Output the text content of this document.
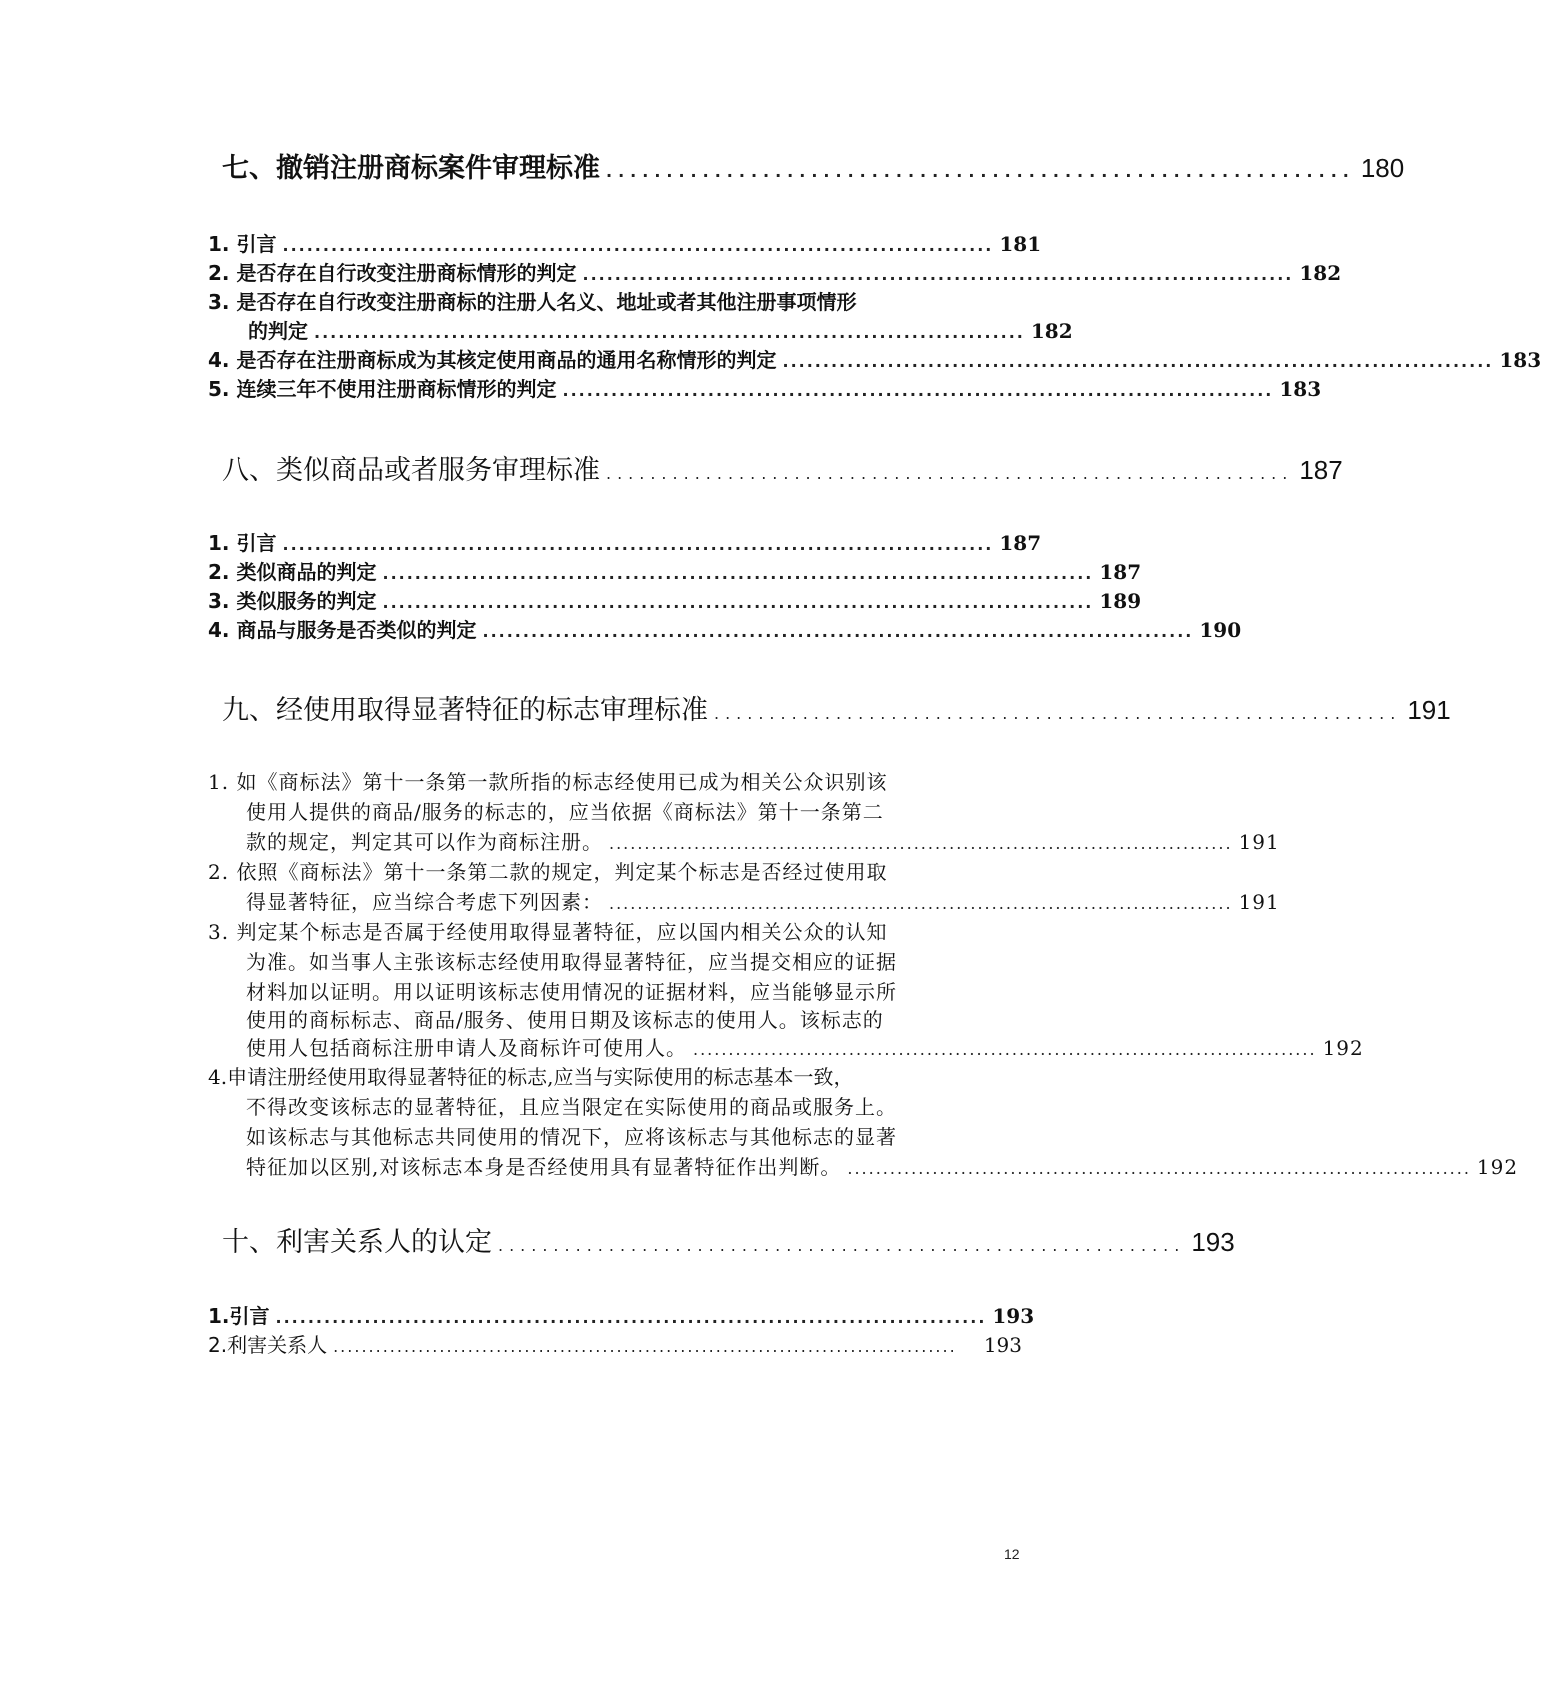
七、撤销注册商标案件审理标准 .............................................................. 180
1. 引言 ........................................................................................ 181
2. 是否存在自行改变注册商标情形的判定 ........................................................................................ 182
3. 是否存在自行改变注册商标的注册人名义、地址或者其他注册事项情形
的判定 ........................................................................................ 182
4. 是否存在注册商标成为其核定使用商品的通用名称情形的判定 ........................................................................................ 183
5. 连续三年不使用注册商标情形的判定 ........................................................................................ 183
八、类似商品或者服务审理标准 .............................................................. 187
1. 引言 ........................................................................................ 187
2. 类似商品的判定 ........................................................................................ 187
3. 类似服务的判定 ........................................................................................ 189
4. 商品与服务是否类似的判定 ........................................................................................ 190
九、经使用取得显著特征的标志审理标准 .............................................................. 191
1. 如《商标法》第十一条第一款所指的标志经使用已成为相关公众识别该
使用人提供的商品/服务的标志的，应当依据《商标法》第十一条第二
款的规定，判定其可以作为商标注册。 ........................................................................................ 191
2. 依照《商标法》第十一条第二款的规定，判定某个标志是否经过使用取
得显著特征，应当综合考虑下列因素： ........................................................................................ 191
3. 判定某个标志是否属于经使用取得显著特征，应以国内相关公众的认知
为准。如当事人主张该标志经使用取得显著特征，应当提交相应的证据
材料加以证明。用以证明该标志使用情况的证据材料，应当能够显示所
使用的商标标志、商品/服务、使用日期及该标志的使用人。该标志的
使用人包括商标注册申请人及商标许可使用人。 ........................................................................................ 192
4.申请注册经使用取得显著特征的标志,应当与实际使用的标志基本一致，
不得改变该标志的显著特征，且应当限定在实际使用的商品或服务上。
如该标志与其他标志共同使用的情况下，应将该标志与其他标志的显著
特征加以区别,对该标志本身是否经使用具有显著特征作出判断。 ........................................................................................ 192
十、利害关系人的认定 .............................................................. 193
1.引言 ........................................................................................ 193
2.利害关系人 ........................................................................................	193
12
